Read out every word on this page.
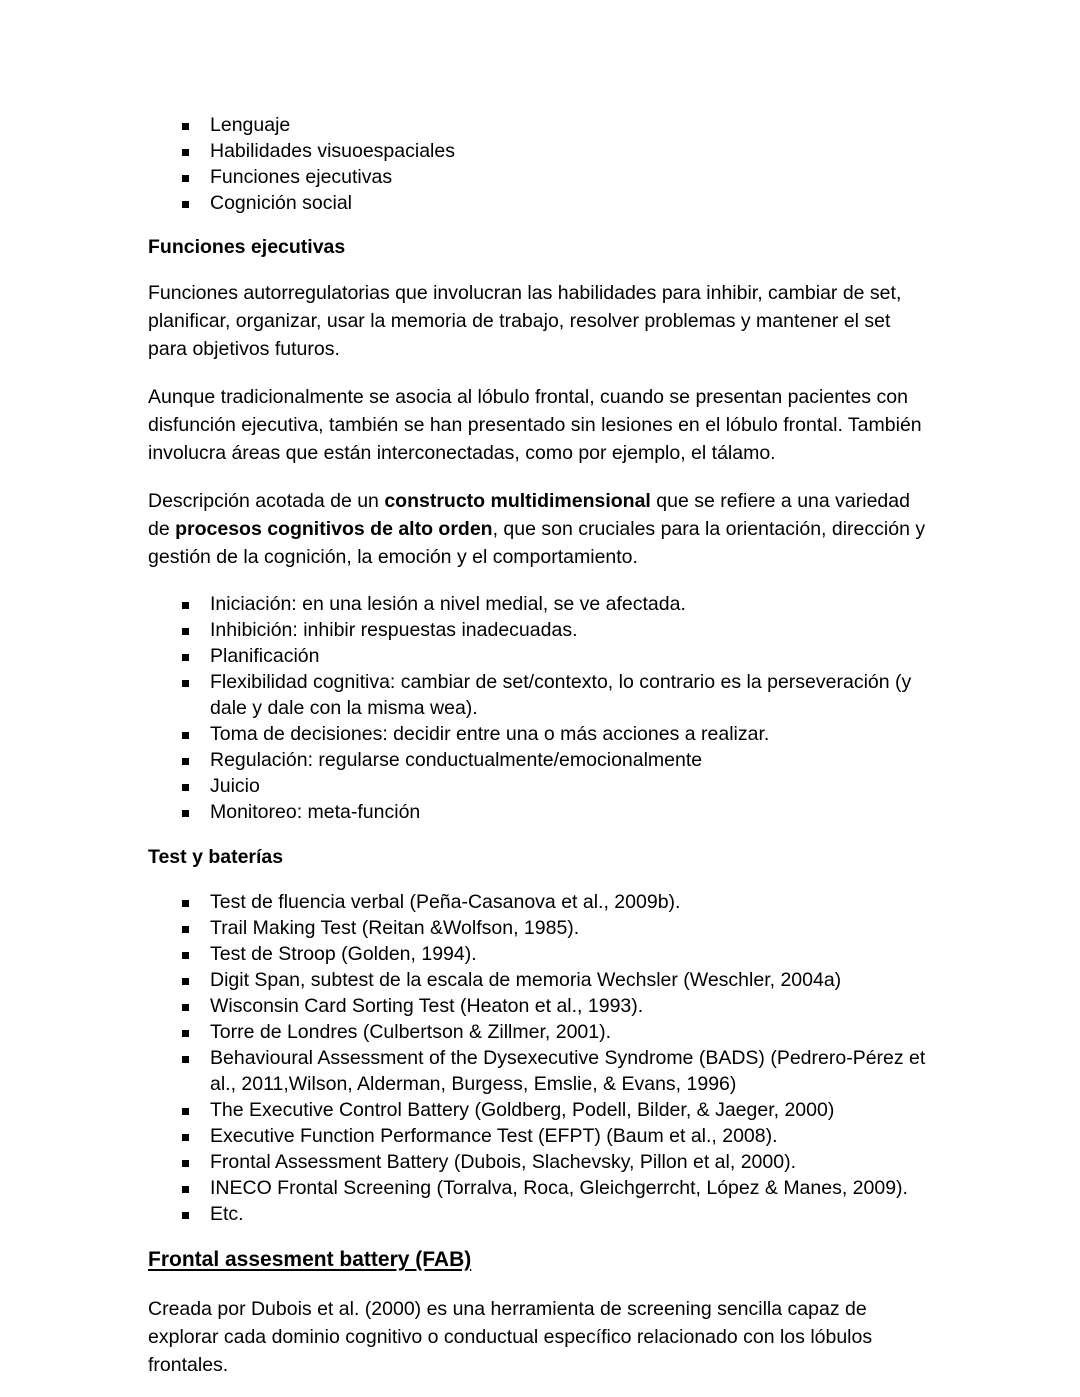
Lenguaje
Habilidades visuoespaciales
Funciones ejecutivas
Cognición social
Funciones ejecutivas

Funciones autorregulatorias que involucran las habilidades para inhibir, cambiar de set, planificar, organizar, usar la memoria de trabajo, resolver problemas y mantener el set para objetivos futuros.

Aunque tradicionalmente se asocia al lóbulo frontal, cuando se presentan pacientes con disfunción ejecutiva, también se han presentado sin lesiones en el lóbulo frontal. También involucra áreas que están interconectadas, como por ejemplo, el tálamo.

Descripción acotada de un constructo multidimensional que se refiere a una variedad de procesos cognitivos de alto orden, que son cruciales para la orientación, dirección y gestión de la cognición, la emoción y el comportamiento.

Iniciación: en una lesión a nivel medial, se ve afectada.
Inhibición: inhibir respuestas inadecuadas.
Planificación
Flexibilidad cognitiva: cambiar de set/contexto, lo contrario es la perseveración (y dale y dale con la misma wea).
Toma de decisiones: decidir entre una o más acciones a realizar.
Regulación: regularse conductualmente/emocionalmente
Juicio
Monitoreo: meta-función
Test y baterías
Test de fluencia verbal (Peña-Casanova et al., 2009b).
Trail Making Test (Reitan &Wolfson, 1985).
Test de Stroop (Golden, 1994).
Digit Span, subtest de la escala de memoria Wechsler (Weschler, 2004a)
Wisconsin Card Sorting Test (Heaton et al., 1993).
Torre de Londres (Culbertson & Zillmer, 2001).
Behavioural Assessment of the Dysexecutive Syndrome (BADS) (Pedrero-Pérez et al., 2011,Wilson, Alderman, Burgess, Emslie, & Evans, 1996)
The Executive Control Battery (Goldberg, Podell, Bilder, & Jaeger, 2000)
Executive Function Performance Test (EFPT) (Baum et al., 2008).
Frontal Assessment Battery (Dubois, Slachevsky, Pillon et al, 2000).
INECO Frontal Screening (Torralva, Roca, Gleichgerrcht, López & Manes, 2009).
Etc.
Frontal assesment battery (FAB)

Creada por Dubois et al. (2000) es una herramienta de screening sencilla capaz de explorar cada dominio cognitivo o conductual específico relacionado con los lóbulos frontales.
